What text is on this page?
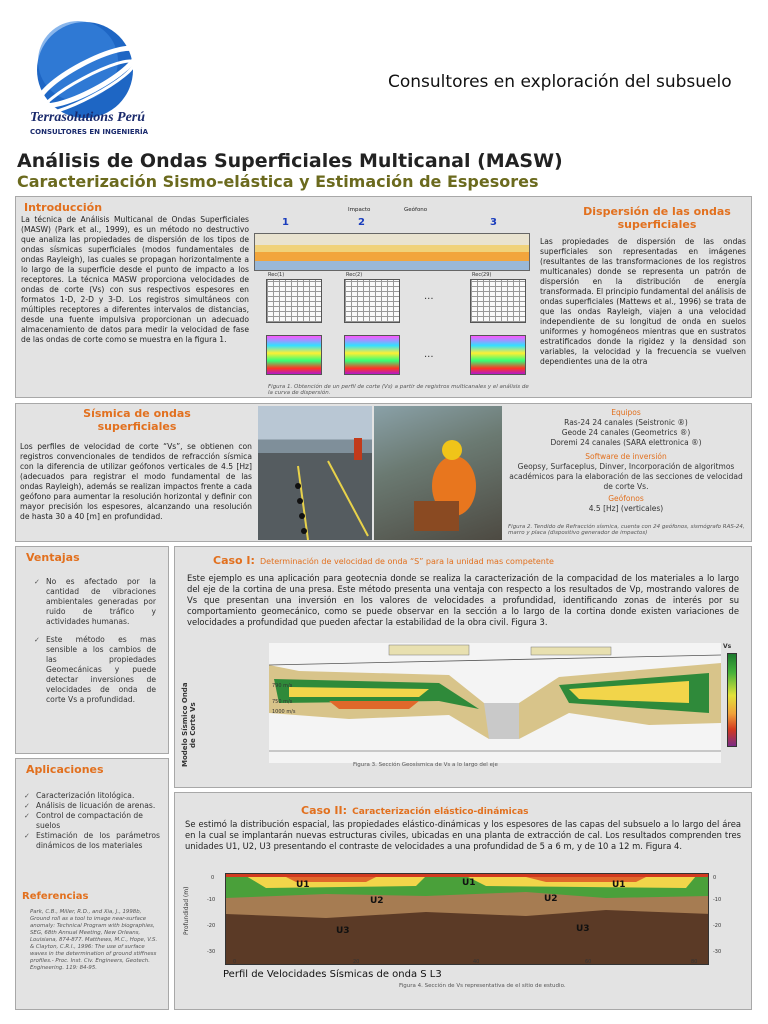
Terrasolutions Perú
CONSULTORES EN INGENIERÍA
Consultores en exploración del subsuelo
Análisis de Ondas Superficiales Multicanal (MASW)
Caracterización Sismo-elástica y Estimación de Espesores
Introducción
La técnica de Análisis Multicanal de Ondas Superficiales (MASW) (Park et al., 1999), es un método no destructivo que analiza las propiedades de dispersión de los tipos de ondas sísmicas superficiales (modos fundamentales de ondas Rayleigh), las cuales se propagan horizontalmente a lo largo de la superficie desde el punto de impacto a los receptores. La técnica MASW proporciona velocidades de ondas de corte (Vs) con sus respectivos espesores en formatos 1-D, 2-D y 3-D. Los registros simultáneos con múltiples receptores a diferentes intervalos de distancias, desde una fuente impulsiva proporcionan un adecuado almacenamiento de datos para medir la velocidad de fase de las ondas de corte como se muestra en la figura 1.
Impacto	Geófono
1	2	3
Rec(1)	Rec(2)	Rec(29)
...
...
Figura 1. Obtención de un perfil de corte (Vs) a partir de registros multicanales y el análisis de la curva de dispersión.
Dispersión de las ondas superficiales
Las propiedades de dispersión de las ondas superficiales son representadas en imágenes (resultantes de las transformaciones de los registros multicanales) donde se representa un patrón de dispersión en la distribución de energía transformada. El principio fundamental del análisis de ondas superficiales (Mattews et al., 1996) se trata de que las ondas Rayleigh, viajen a una velocidad independiente de su longitud de onda en suelos uniformes y homogéneos mientras que en sustratos estratificados donde la rigidez y la densidad son variables, la velocidad y la frecuencia se vuelven dependientes una de la otra
Sísmica de ondas superficiales
Los perfiles de velocidad de corte “Vs”, se obtienen con registros convencionales de tendidos de refracción sísmica con la diferencia de utilizar geófonos verticales de 4.5 [Hz] (adecuados para registrar el modo fundamental de las ondas Rayleigh), además se realizan impactos frente a cada geófono para aumentar la resolución horizontal y definir con mayor precisión los espesores, alcanzando una resolución de hasta 30 a 40 [m] en profundidad.
Equipos
Ras-24 24 canales (Seistronic ®)
Geode 24 canales (Geometrics ®)
Doremi 24 canales (SARA elettronica ®)
Software de inversión
Geopsy, Surfaceplus, Dinver, Incorporación de algoritmos académicos para la elaboración de las secciones de velocidad de corte Vs.
Geófonos
4.5 [Hz] (verticales)
Figura 2. Tendido de Refracción sísmica, cuenta con 24 geófonos, sismógrafo RAS-24, marro y placa (dispositivo generador de impactos)
Ventajas
✓ No es afectado por la cantidad de vibraciones ambientales generadas por ruido de tráfico y actividades humanas.
✓ Este método es mas sensible a los cambios de las propiedades Geomecánicas y puede detectar inversiones de velocidades de onda de corte Vs a profundidad.
Aplicaciones
✓ Caracterización litológica.
✓ Análisis de licuación de arenas.
✓ Control de compactación de suelos
✓ Estimación de los parámetros dinámicos de los materiales
Referencias
Park, C.B., Miller, R.D., and Xia, J., 1998b, Ground roll as a tool to image near-surface anomaly: Technical Program with biographies, SEG, 68th Annual Meeting, New Orleans, Louisiana, 874-877. Matthews, M.C., Hope, V.S. & Clayton, C.R.I., 1996: The use of surface waves in the determination of ground stiffness profiles.- Proc. Inst. Civ. Engineers, Geotech. Engineering. 119: 84-95.
Caso I: Determinación de velocidad de onda “S” para la unidad mas competente
Este ejemplo es una aplicación para geotecnia donde se realiza la caracterización de la compacidad de los materiales a lo largo del eje de la cortina de una presa. Este método presenta una ventaja con respecto a los resultados de Vp, mostrando valores de Vs que presentan una inversión en los valores de velocidades a profundidad, identificando zonas de interés por su comportamiento geomecánico, como se puede observar en la sección a lo largo de la cortina donde existen variaciones de velocidades a profundidad que pueden afectar la estabilidad de la obra civil. Figura 3.
Modelo Sísmico Onda de Corte Vs
790 m/s
750 m/s
1000 m/s
Vs
Figura 3. Sección Geosísmica de Vs a lo largo del eje
Caso II: Caracterización elástico-dinámicas
Se estimó la distribución espacial, las propiedades elástico-dinámicas y los espesores de las capas del subsuelo a lo largo del área en la cual se implantarán nuevas estructuras civiles, ubicadas en una planta de extracción de cal. Los resultados comprenden tres unidades U1, U2, U3 presentando el contraste de velocidades a una profundidad de 5 a 6 m, y de 10 a 12 m. Figura 4.
Profundidad (m)
U1	U1	U1
U2	U2
U3	U3
0
-10
-20
-30
0
-10
-20
-30
0	20	40	60	80
Perfil de Velocidades Sísmicas de onda S L3
Figura 4. Sección de Vs representativa de el sitio de estudio.
